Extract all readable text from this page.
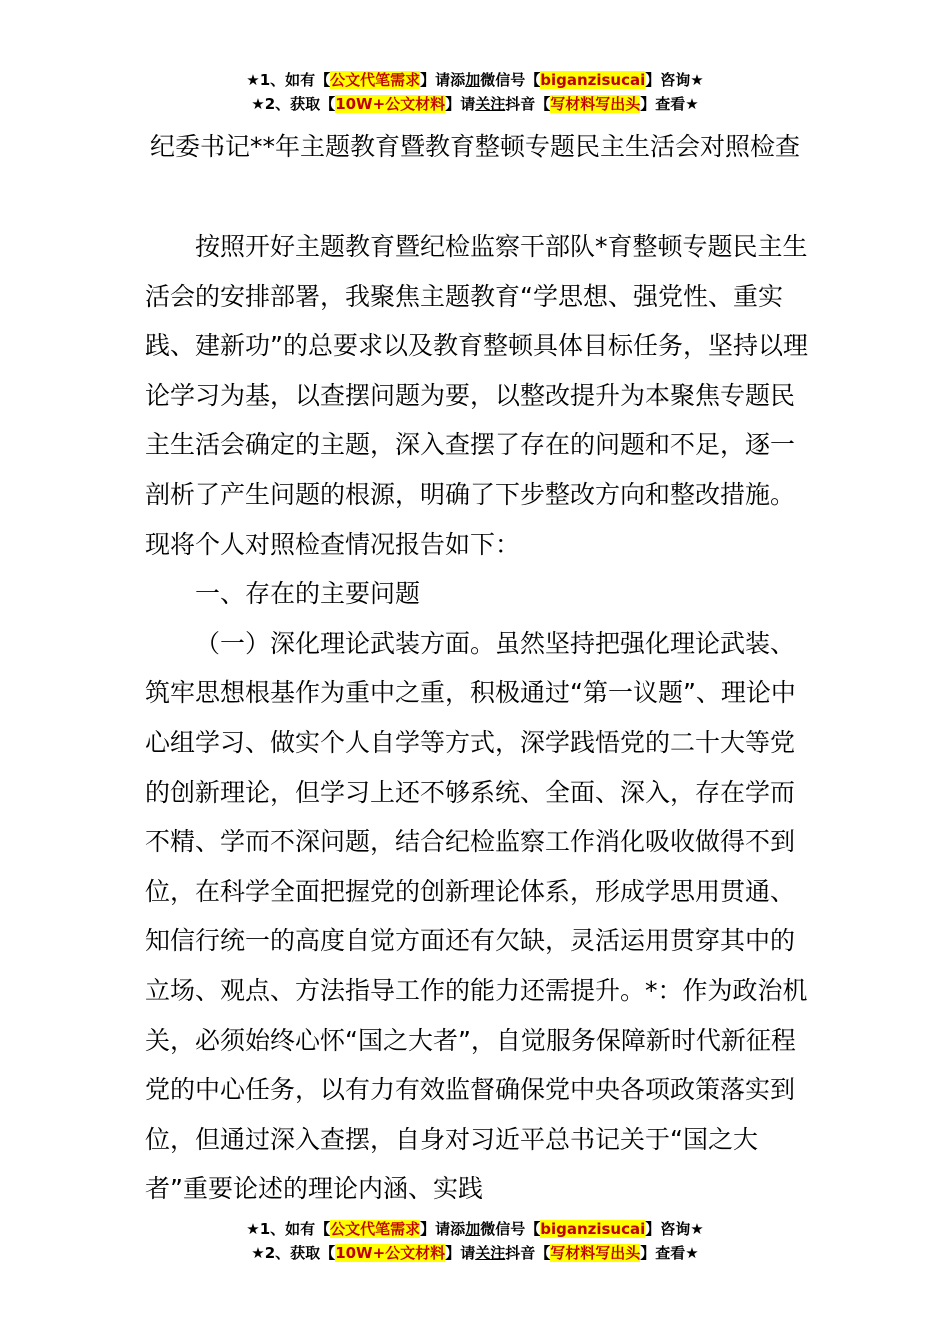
★1、如有【公文代笔需求】请添加微信号【biganzisucai】咨询★
★2、获取【10W+公文材料】请关注抖音【写材料写出头】查看★
纪委书记**年主题教育暨教育整顿专题民主生活会对照检查

按照开好主题教育暨纪检监察干部队*育整顿专题民主生活会的安排部署，我聚焦主题教育“学思想、强党性、重实践、建新功”的总要求以及教育整顿具体目标任务，坚持以理论学习为基，以查摆问题为要，以整改提升为本聚焦专题民主生活会确定的主题，深入查摆了存在的问题和不足，逐一剖析了产生问题的根源，明确了下步整改方向和整改措施。现将个人对照检查情况报告如下：

一、存在的主要问题

（一）深化理论武装方面。虽然坚持把强化理论武装、筑牢思想根基作为重中之重，积极通过“第一议题”、理论中心组学习、做实个人自学等方式，深学践悟党的二十大等党的创新理论，但学习上还不够系统、全面、深入，存在学而不精、学而不深问题，结合纪检监察工作消化吸收做得不到位，在科学全面把握党的创新理论体系，形成学思用贯通、知信行统一的高度自觉方面还有欠缺，灵活运用贯穿其中的立场、观点、方法指导工作的能力还需提升。*：作为政治机关，必须始终心怀“国之大者”，自觉服务保障新时代新征程党的中心任务，以有力有效监督确保党中央各项政策落实到位，但通过深入查摆，自身对习近平总书记关于“国之大者”重要论述的理论内涵、实践

★1、如有【公文代笔需求】请添加微信号【biganzisucai】咨询★
★2、获取【10W+公文材料】请关注抖音【写材料写出头】查看★
